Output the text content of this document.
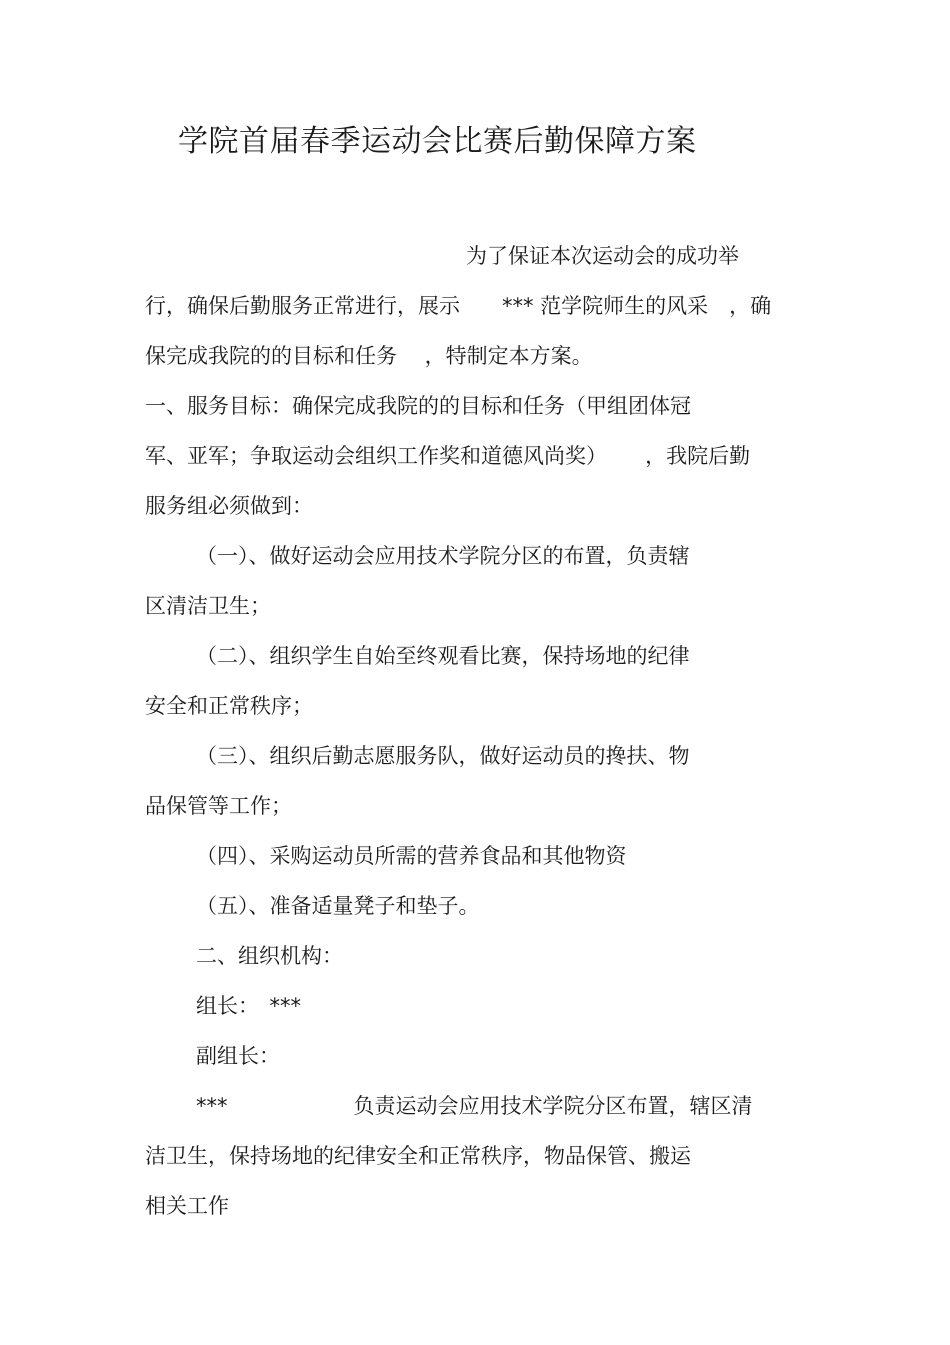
学院首届春季运动会比赛后勤保障方案
为了保证本次运动会的成功举
行，确保后勤服务正常进行，展示　　*** 范学院师生的风采　，确
保完成我院的的目标和任务　 ，特制定本方案。
一、服务目标：确保完成我院的的目标和任务（甲组团体冠
军、亚军；争取运动会组织工作奖和道德风尚奖）　　 ，我院后勤
服务组必须做到：
（一）、做好运动会应用技术学院分区的布置，负责辖
区清洁卫生；
（二）、组织学生自始至终观看比赛，保持场地的纪律
安全和正常秩序；
（三）、组织后勤志愿服务队，做好运动员的搀扶、物
品保管等工作；
（四）、采购运动员所需的营养食品和其他物资
（五）、准备适量凳子和垫子。
二、组织机构：
组长：　***
副组长：
***　　　　　　负责运动会应用技术学院分区布置，辖区清
洁卫生，保持场地的纪律安全和正常秩序，物品保管、搬运
相关工作
